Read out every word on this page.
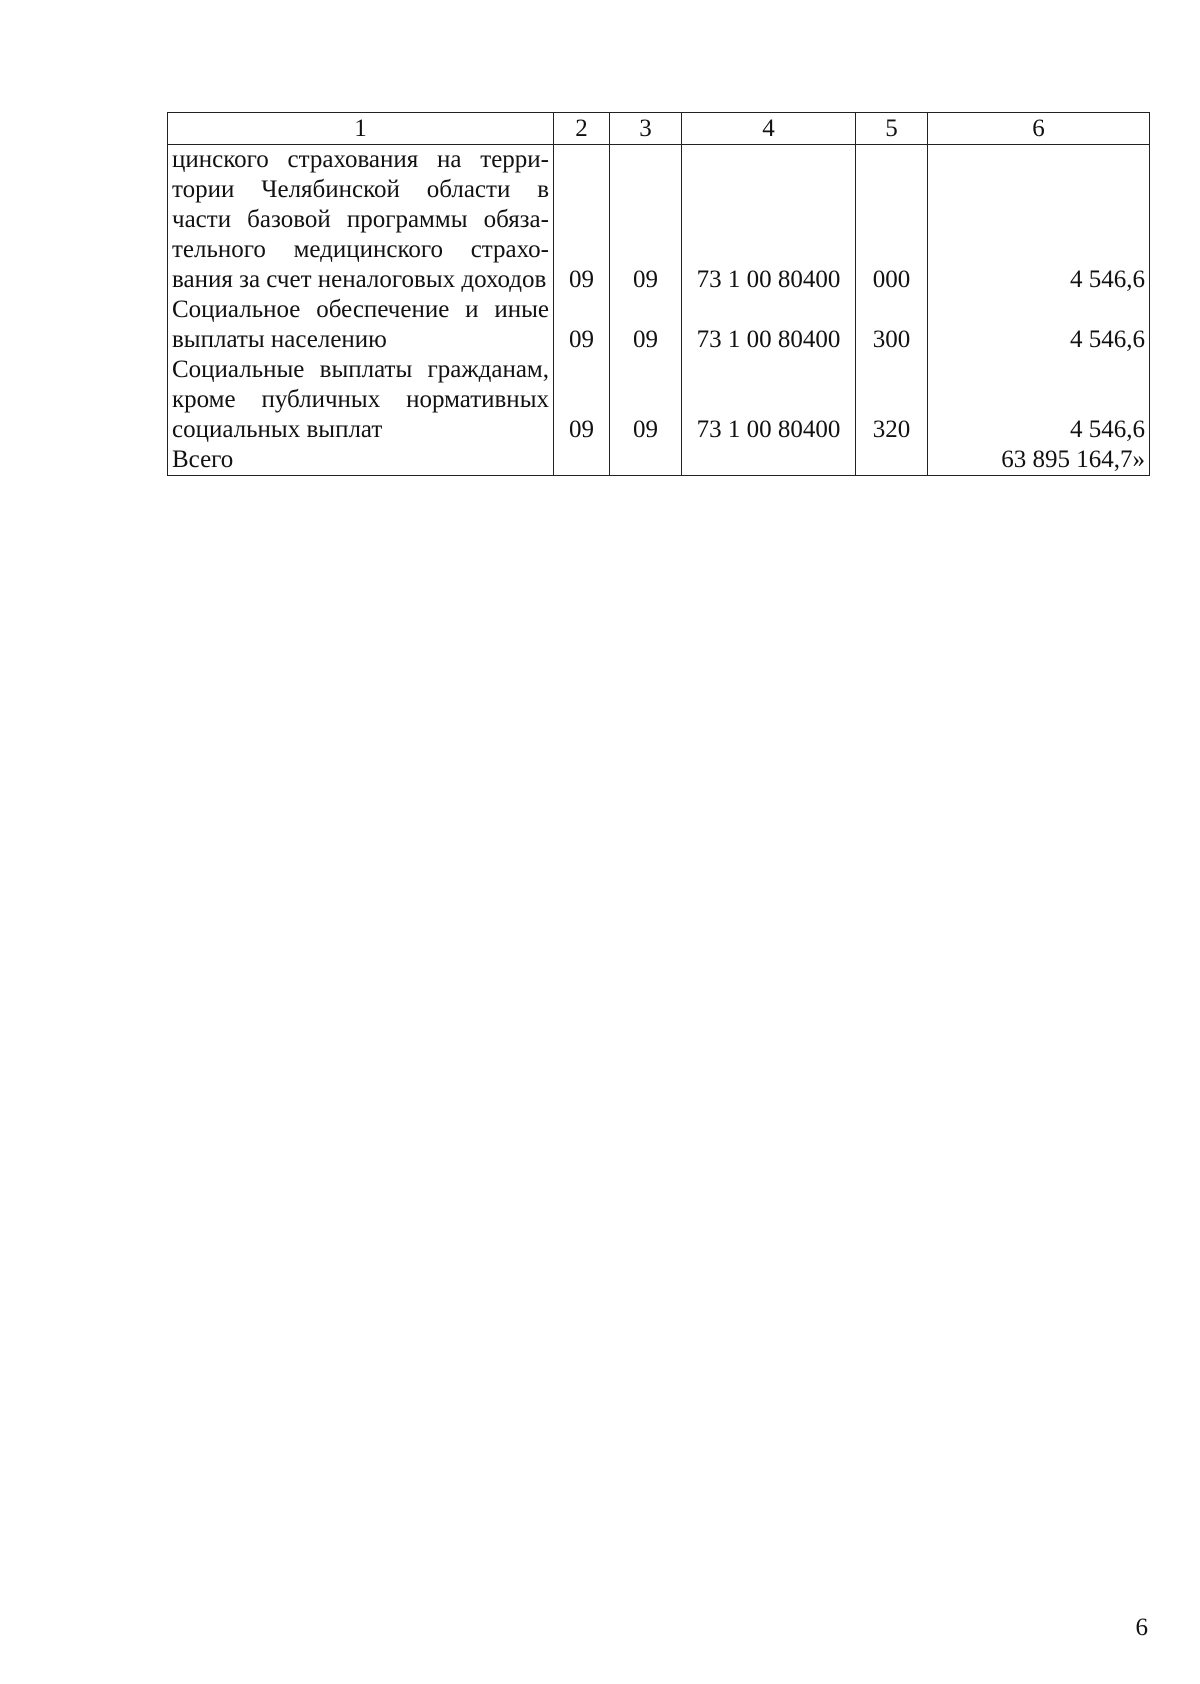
1	2	3	4	5	6
цинского страхования на территории Челябинской области в части базовой программы обязательного медицинского страхования за счет неналоговых доходов	09	09	73 1 00 80400	000	4 546,6
Социальное обеспечение и иные выплаты населению	09	09	73 1 00 80400	300	4 546,6
Социальные выплаты гражданам, кроме публичных нормативных социальных выплат	09	09	73 1 00 80400	320	4 546,6
Всего					63 895 164,7»
6
